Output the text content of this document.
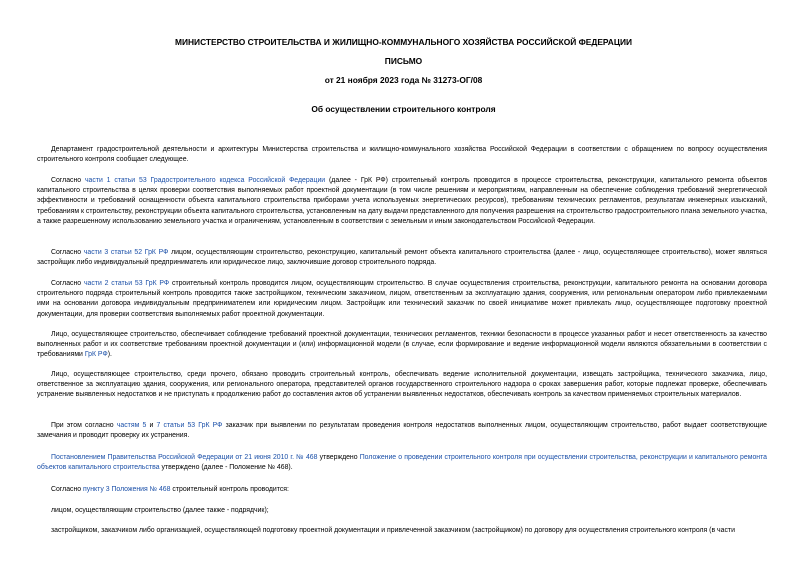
МИНИСТЕРСТВО СТРОИТЕЛЬСТВА И ЖИЛИЩНО-КОММУНАЛЬНОГО ХОЗЯЙСТВА РОССИЙСКОЙ ФЕДЕРАЦИИ
ПИСЬМО
от 21 ноября 2023 года № 31273-ОГ/08
Об осуществлении строительного контроля
Департамент градостроительной деятельности и архитектуры Министерства строительства и жилищно-коммунального хозяйства Российской Федерации в соответствии с обращением по вопросу осуществления строительного контроля сообщает следующее.
Согласно части 1 статьи 53 Градостроительного кодекса Российской Федерации (далее - ГрК РФ) строительный контроль проводится в процессе строительства, реконструкции, капитального ремонта объектов капитального строительства в целях проверки соответствия выполняемых работ проектной документации (в том числе решениям и мероприятиям, направленным на обеспечение соблюдения требований энергетической эффективности и требований оснащенности объекта капитального строительства приборами учета используемых энергетических ресурсов), требованиям технических регламентов, результатам инженерных изысканий, требованиям к строительству, реконструкции объекта капитального строительства, установленным на дату выдачи представленного для получения разрешения на строительство градостроительного плана земельного участка, а также разрешенному использованию земельного участка и ограничениям, установленным в соответствии с земельным и иным законодательством Российской Федерации.
Согласно части 3 статьи 52 ГрК РФ лицом, осуществляющим строительство, реконструкцию, капитальный ремонт объекта капитального строительства (далее - лицо, осуществляющее строительство), может являться застройщик либо индивидуальный предприниматель или юридическое лицо, заключившие договор строительного подряда.
Согласно части 2 статьи 53 ГрК РФ строительный контроль проводится лицом, осуществляющим строительство. В случае осуществления строительства, реконструкции, капитального ремонта на основании договора строительного подряда строительный контроль проводится также застройщиком, техническим заказчиком, лицом, ответственным за эксплуатацию здания, сооружения, или региональным оператором либо привлекаемыми ими на основании договора индивидуальным предпринимателем или юридическим лицом. Застройщик или технический заказчик по своей инициативе может привлекать лицо, осуществляющее подготовку проектной документации, для проверки соответствия выполняемых работ проектной документации.
Лицо, осуществляющее строительство, обеспечивает соблюдение требований проектной документации, технических регламентов, техники безопасности в процессе указанных работ и несет ответственность за качество выполненных работ и их соответствие требованиям проектной документации и (или) информационной модели (в случае, если формирование и ведение информационной модели являются обязательными в соответствии с требованиями ГрК РФ).
Лицо, осуществляющее строительство, среди прочего, обязано проводить строительный контроль, обеспечивать ведение исполнительной документации, извещать застройщика, технического заказчика, лицо, ответственное за эксплуатацию здания, сооружения, или регионального оператора, представителей органов государственного строительного надзора о сроках завершения работ, которые подлежат проверке, обеспечивать устранение выявленных недостатков и не приступать к продолжению работ до составления актов об устранении выявленных недостатков, обеспечивать контроль за качеством применяемых строительных материалов.
При этом согласно частям 5 и 7 статьи 53 ГрК РФ заказчик при выявлении по результатам проведения контроля недостатков выполненных лицом, осуществляющим строительство, работ выдает соответствующие замечания и проводит проверку их устранения.
Постановлением Правительства Российской Федерации от 21 июня 2010 г. № 468 утверждено Положение о проведении строительного контроля при осуществлении строительства, реконструкции и капитального ремонта объектов капитального строительства утверждено (далее - Положение № 468).
Согласно пункту 3 Положения № 468 строительный контроль проводится:
лицом, осуществляющим строительство (далее также - подрядчик);
застройщиком, заказчиком либо организацией, осуществляющей подготовку проектной документации и привлеченной заказчиком (застройщиком) по договору для осуществления строительного контроля (в части
